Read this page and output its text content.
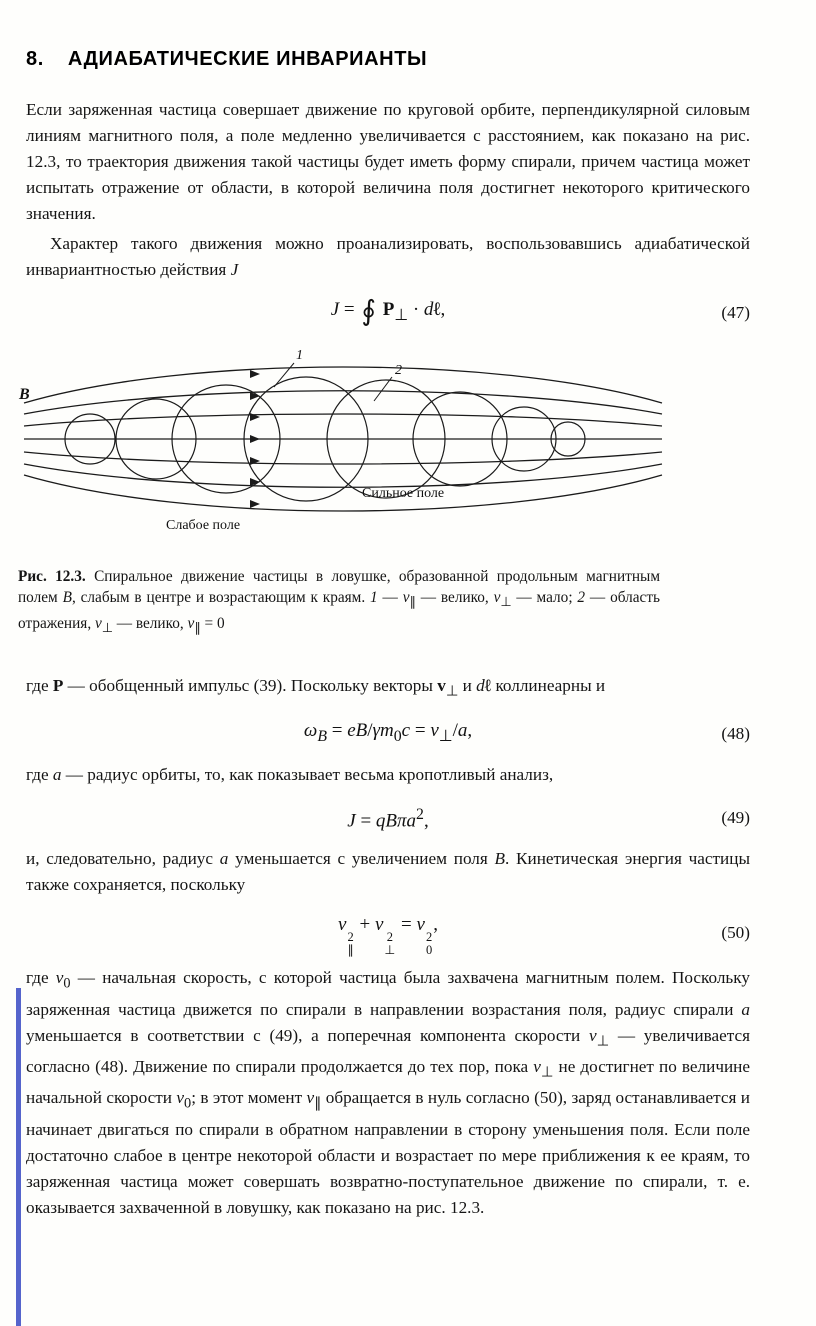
8. АДИАБАТИЧЕСКИЕ ИНВАРИАНТЫ

Если заряженная частица совершает движение по круговой орбите, перпендикулярной силовым линиям магнитного поля, а поле медленно увеличивается с расстоянием, как показано на рис. 12.3, то траектория движения такой частицы будет иметь форму спирали, причем частица может испытать отражение от области, в которой величина поля достигнет некоторого критического значения.

Характер такого движения можно проанализировать, воспользовавшись адиабатической инвариантностью действия J

J = ∮ $P_\perp$ · dℓ,	(47)
1
2
B
Сильное поле
Слабое поле
Рис. 12.3. Спиральное движение частицы в ловушке, образованной продольным магнитным полем B, слабым в центре и возрастающим к краям. 1 — $v_\parallel$ — велико, $v_\perp$ — мало; 2 — область отражения, $v_\perp$ — велико, $v_\parallel = 0$

где P — обобщенный импульс (39). Поскольку векторы $v_\perp$ и dℓ коллинеарны и

$\omega_B = eB/\gamma m_0c = v_\perp/a$,	(48)

где a — радиус орбиты, то, как показывает весьма кропотливый анализ,

J = qBπa$^2$,	(49)

и, следовательно, радиус a уменьшается с увеличением поля B. Кинетическая энергия частицы также сохраняется, поскольку

v
2
∥
+ v
2
⊥
= v
2
0
,	(50)

где $v_0$ — начальная скорость, с которой частица была захвачена магнитным полем. Поскольку заряженная частица движется по спирали в направлении возрастания поля, радиус спирали a уменьшается в соответствии с (49), а поперечная компонента скорости $v_\perp$ — увеличивается согласно (48). Движение по спирали продолжается до тех пор, пока $v_\perp$ не достигнет по величине начальной скорости $v_0$; в этот момент $v_\parallel$ обращается в нуль согласно (50), заряд останавливается и начинает двигаться по спирали в обратном направлении в сторону уменьшения поля. Если поле достаточно слабое в центре некоторой области и возрастает по мере приближения к ее краям, то заряженная частица может совершать возвратно-поступательное движение по спирали, т. е. оказывается захваченной в ловушку, как показано на рис. 12.3.
